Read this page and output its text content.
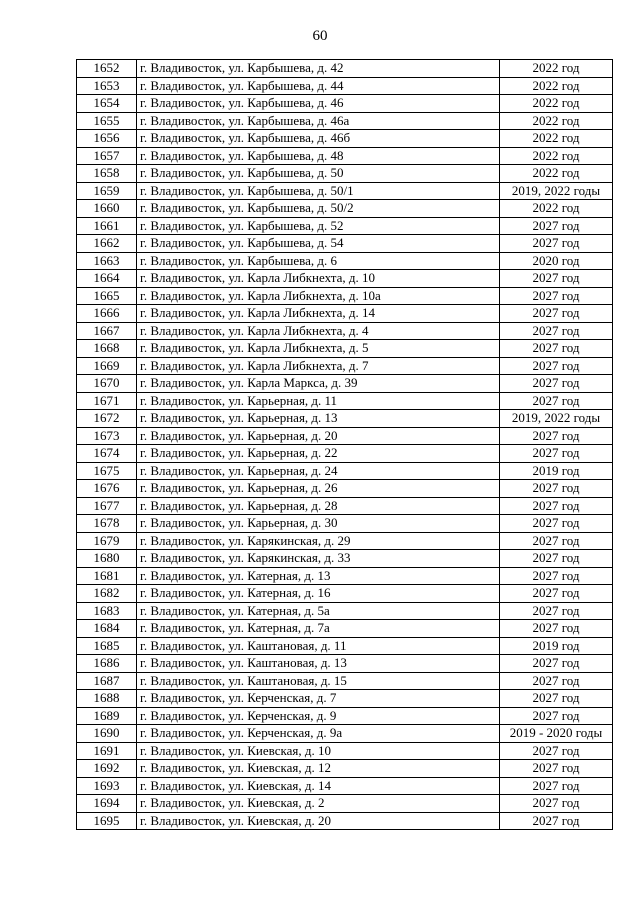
60
1652	г. Владивосток, ул. Карбышева, д. 42	2022 год
1653	г. Владивосток, ул. Карбышева, д. 44	2022 год
1654	г. Владивосток, ул. Карбышева, д. 46	2022 год
1655	г. Владивосток, ул. Карбышева, д. 46а	2022 год
1656	г. Владивосток, ул. Карбышева, д. 46б	2022 год
1657	г. Владивосток, ул. Карбышева, д. 48	2022 год
1658	г. Владивосток, ул. Карбышева, д. 50	2022 год
1659	г. Владивосток, ул. Карбышева, д. 50/1	2019, 2022 годы
1660	г. Владивосток, ул. Карбышева, д. 50/2	2022 год
1661	г. Владивосток, ул. Карбышева, д. 52	2027 год
1662	г. Владивосток, ул. Карбышева, д. 54	2027 год
1663	г. Владивосток, ул. Карбышева, д. 6	2020 год
1664	г. Владивосток, ул. Карла Либкнехта, д. 10	2027 год
1665	г. Владивосток, ул. Карла Либкнехта, д. 10а	2027 год
1666	г. Владивосток, ул. Карла Либкнехта, д. 14	2027 год
1667	г. Владивосток, ул. Карла Либкнехта, д. 4	2027 год
1668	г. Владивосток, ул. Карла Либкнехта, д. 5	2027 год
1669	г. Владивосток, ул. Карла Либкнехта, д. 7	2027 год
1670	г. Владивосток, ул. Карла Маркса, д. 39	2027 год
1671	г. Владивосток, ул. Карьерная, д. 11	2027 год
1672	г. Владивосток, ул. Карьерная, д. 13	2019, 2022 годы
1673	г. Владивосток, ул. Карьерная, д. 20	2027 год
1674	г. Владивосток, ул. Карьерная, д. 22	2027 год
1675	г. Владивосток, ул. Карьерная, д. 24	2019 год
1676	г. Владивосток, ул. Карьерная, д. 26	2027 год
1677	г. Владивосток, ул. Карьерная, д. 28	2027 год
1678	г. Владивосток, ул. Карьерная, д. 30	2027 год
1679	г. Владивосток, ул. Карякинская, д. 29	2027 год
1680	г. Владивосток, ул. Карякинская, д. 33	2027 год
1681	г. Владивосток, ул. Катерная, д. 13	2027 год
1682	г. Владивосток, ул. Катерная, д. 16	2027 год
1683	г. Владивосток, ул. Катерная, д. 5а	2027 год
1684	г. Владивосток, ул. Катерная, д. 7а	2027 год
1685	г. Владивосток, ул. Каштановая, д. 11	2019 год
1686	г. Владивосток, ул. Каштановая, д. 13	2027 год
1687	г. Владивосток, ул. Каштановая, д. 15	2027 год
1688	г. Владивосток, ул. Керченская, д. 7	2027 год
1689	г. Владивосток, ул. Керченская, д. 9	2027 год
1690	г. Владивосток, ул. Керченская, д. 9а	2019 - 2020 годы
1691	г. Владивосток, ул. Киевская, д. 10	2027 год
1692	г. Владивосток, ул. Киевская, д. 12	2027 год
1693	г. Владивосток, ул. Киевская, д. 14	2027 год
1694	г. Владивосток, ул. Киевская, д. 2	2027 год
1695	г. Владивосток, ул. Киевская, д. 20	2027 год
